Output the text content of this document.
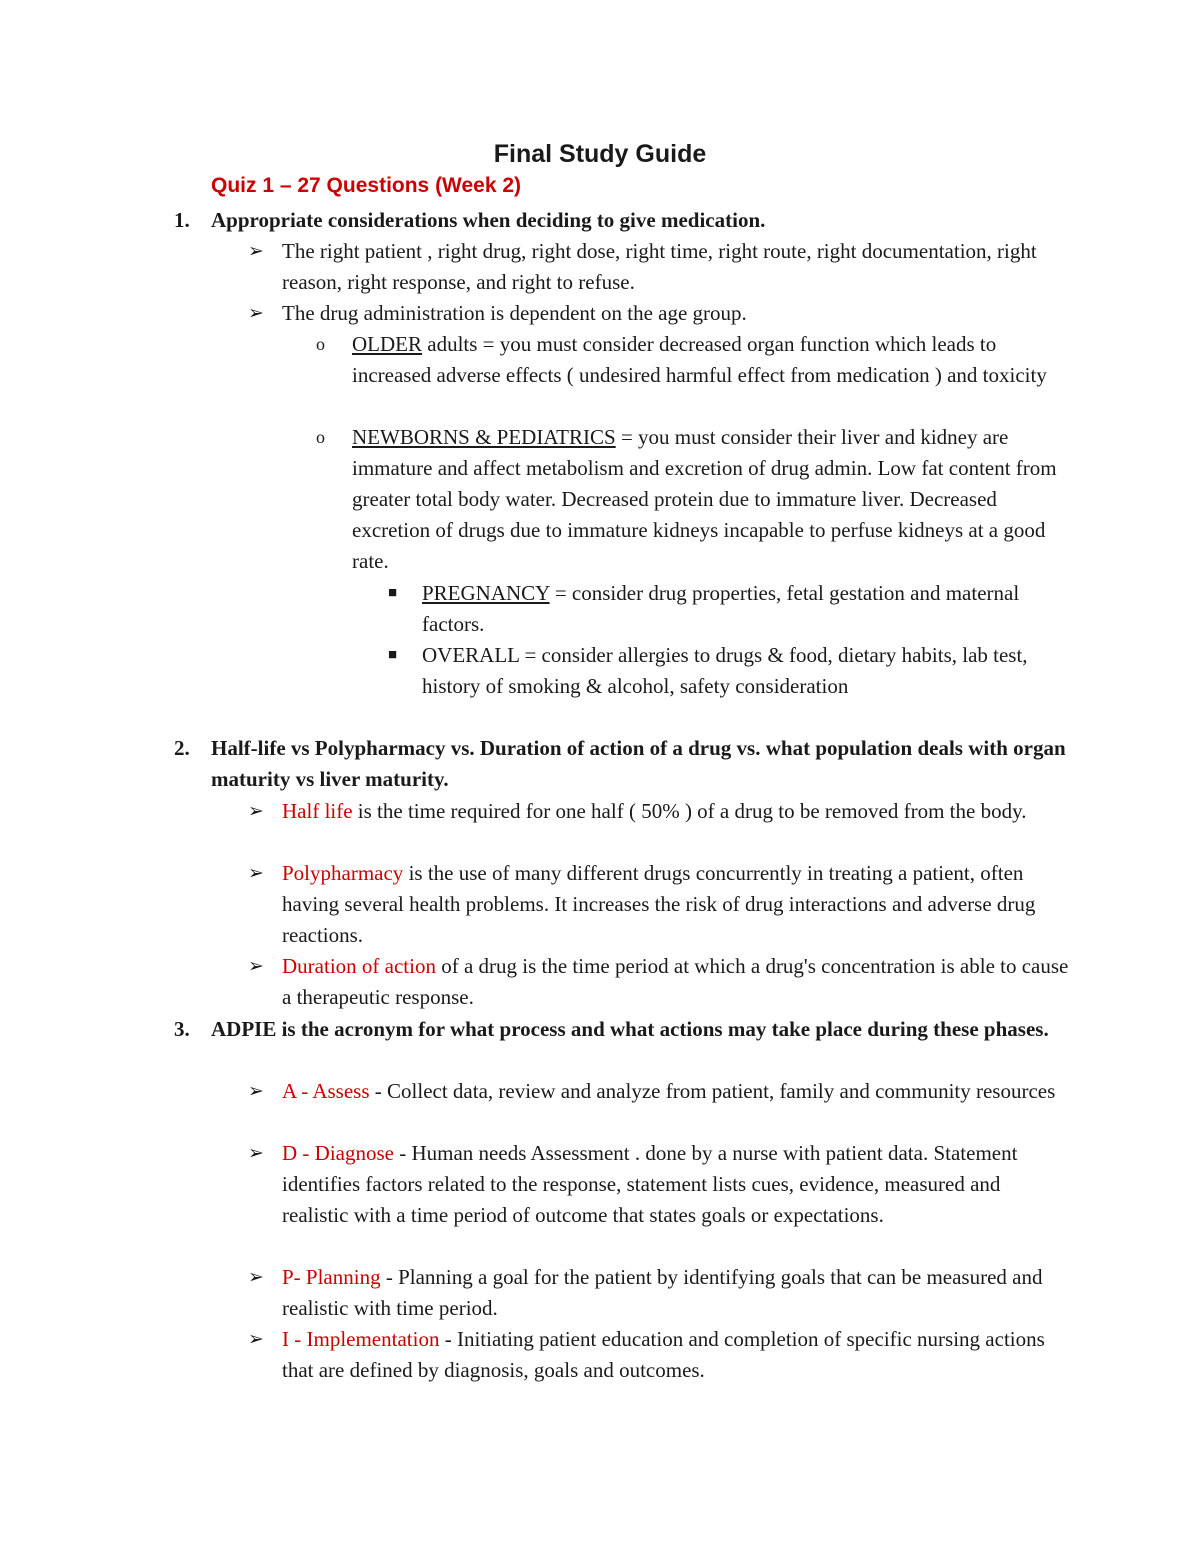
Final Study Guide
Quiz 1 – 27 Questions (Week 2)
1. Appropriate considerations when deciding to give medication.
➢ The right patient , right drug, right dose, right time, right route, right documentation, right reason, right response, and right to refuse.
➢ The drug administration is dependent on the age group.
o OLDER adults = you must consider decreased organ function which leads to increased adverse effects ( undesired harmful effect from medication ) and toxicity
o NEWBORNS & PEDIATRICS = you must consider their liver and kidney are immature and affect metabolism and excretion of drug admin. Low fat content from greater total body water. Decreased protein due to immature liver. Decreased excretion of drugs due to immature kidneys incapable to perfuse kidneys at a good rate.
■ PREGNANCY = consider drug properties, fetal gestation and maternal factors.
■ OVERALL = consider allergies to drugs & food, dietary habits, lab test, history of smoking & alcohol, safety consideration
2. Half-life vs Polypharmacy vs. Duration of action of a drug vs. what population deals with organ maturity vs liver maturity.
➢ Half life is the time required for one half ( 50% ) of a drug to be removed from the body.
➢ Polypharmacy is the use of many different drugs concurrently in treating a patient, often having several health problems. It increases the risk of drug interactions and adverse drug reactions.
➢ Duration of action of a drug is the time period at which a drug's concentration is able to cause a therapeutic response.
3. ADPIE is the acronym for what process and what actions may take place during these phases.
➢ A - Assess - Collect data, review and analyze from patient, family and community resources
➢ D - Diagnose - Human needs Assessment . done by a nurse with patient data. Statement identifies factors related to the response, statement lists cues, evidence, measured and realistic with a time period of outcome that states goals or expectations.
➢ P- Planning - Planning a goal for the patient by identifying goals that can be measured and realistic with time period.
➢ I - Implementation - Initiating patient education and completion of specific nursing actions that are defined by diagnosis, goals and outcomes.
